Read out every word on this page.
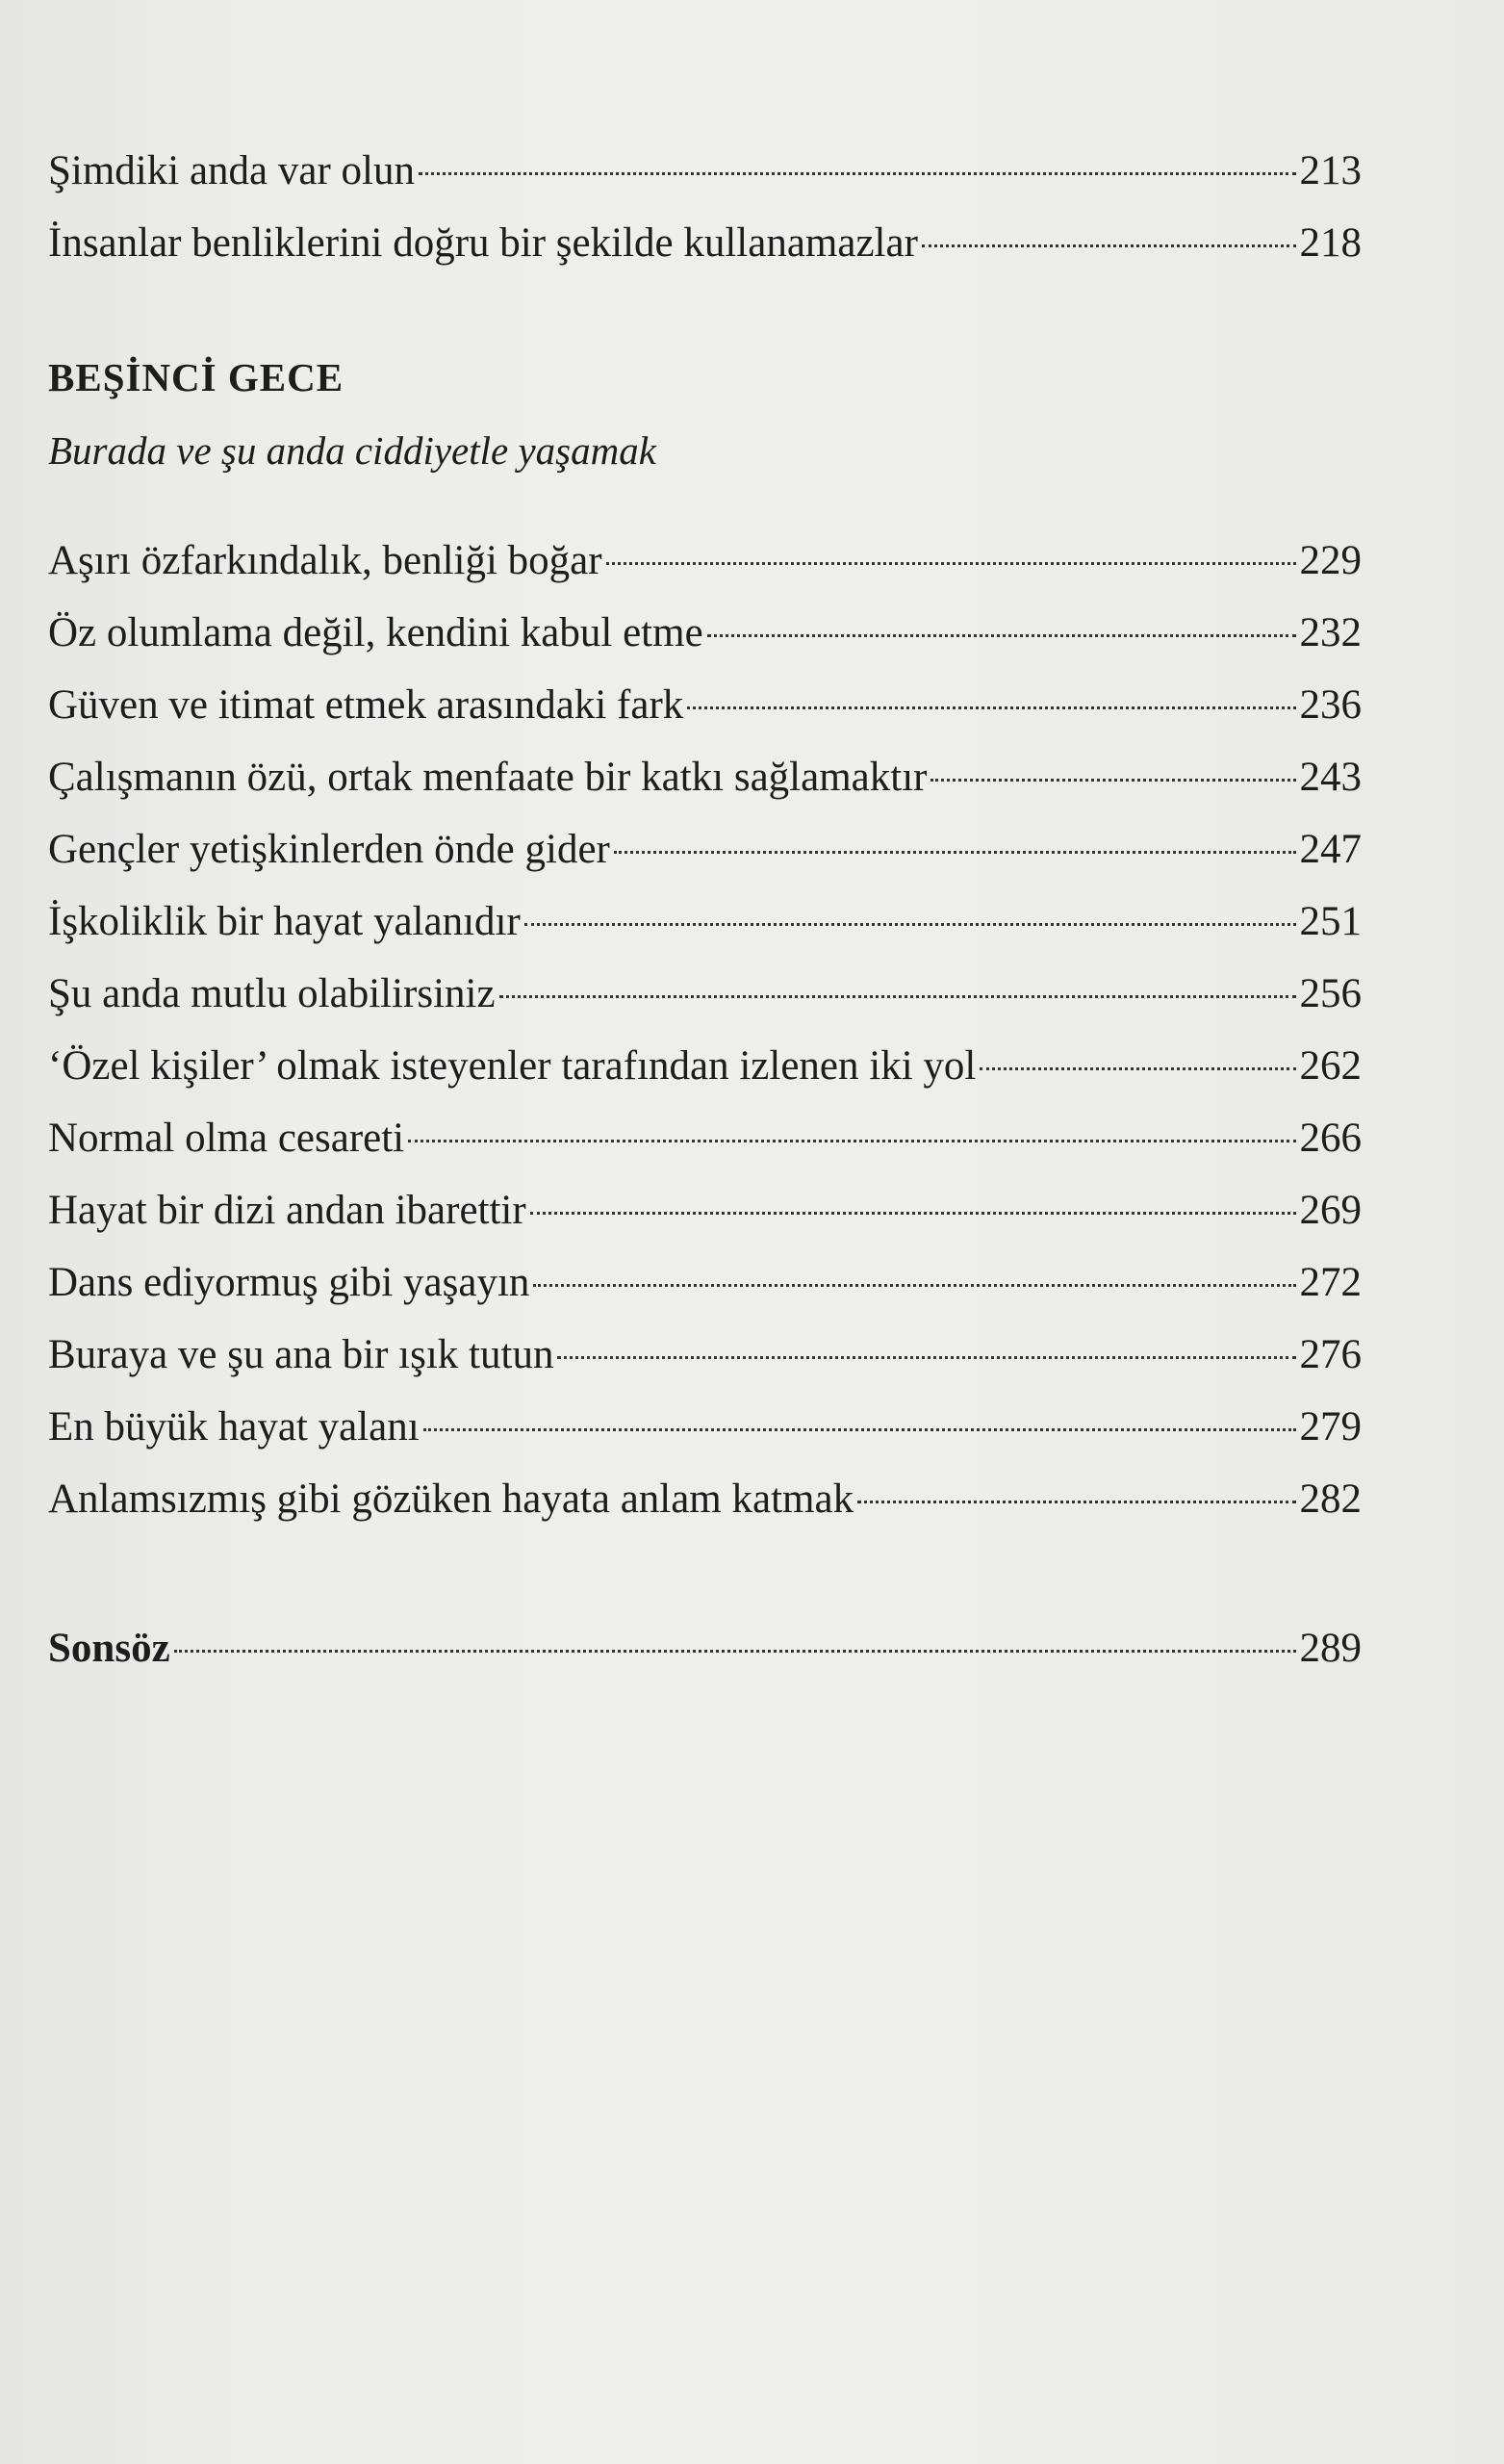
Şimdiki anda var olun	213
İnsanlar benliklerini doğru bir şekilde kullanamazlar	218
BEŞİNCİ GECE
Burada ve şu anda ciddiyetle yaşamak
Aşırı özfarkındalık, benliği boğar	229
Öz olumlama değil, kendini kabul etme	232
Güven ve itimat etmek arasındaki fark	236
Çalışmanın özü, ortak menfaate bir katkı sağlamaktır	243
Gençler yetişkinlerden önde gider	247
İşkoliklik bir hayat yalanıdır	251
Şu anda mutlu olabilirsiniz	256
‘Özel kişiler’ olmak isteyenler tarafından izlenen iki yol	262
Normal olma cesareti	266
Hayat bir dizi andan ibarettir	269
Dans ediyormuş gibi yaşayın	272
Buraya ve şu ana bir ışık tutun	276
En büyük hayat yalanı	279
Anlamsızmış gibi gözüken hayata anlam katmak	282
Sonsöz	289
